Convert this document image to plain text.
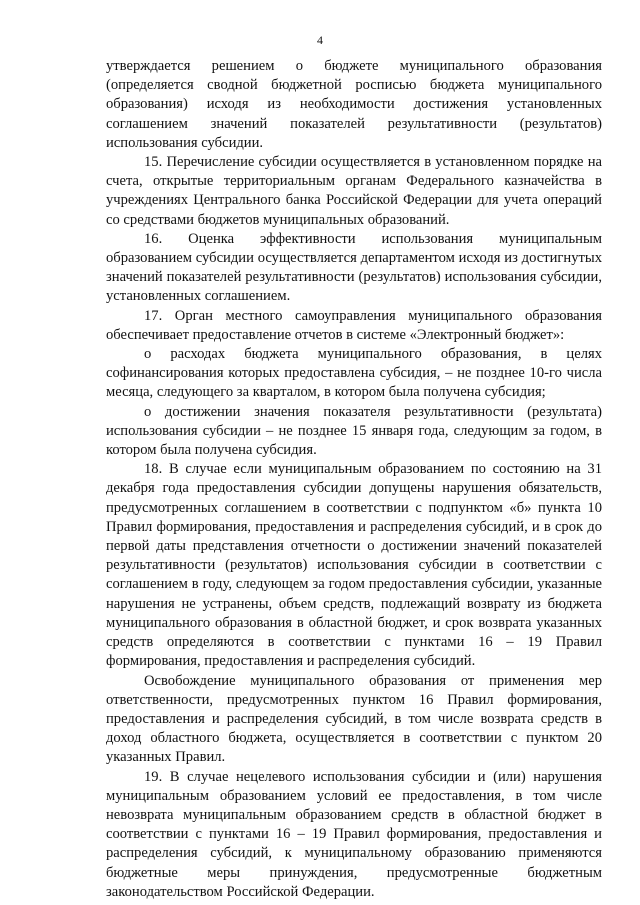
4

утверждается решением о бюджете муниципального образования (определяется сводной бюджетной росписью бюджета муниципального образования) исходя из необходимости достижения установленных соглашением значений показателей результативности (результатов) использования субсидии.

15. Перечисление субсидии осуществляется в установленном порядке на счета, открытые территориальным органам Федерального казначейства в учреждениях Центрального банка Российской Федерации для учета операций со средствами бюджетов муниципальных образований.

16. Оценка эффективности использования муниципальным образованием субсидии осуществляется департаментом исходя из достигнутых значений показателей результативности (результатов) использования субсидии, установленных соглашением.

17. Орган местного самоуправления муниципального образования обеспечивает предоставление отчетов в системе «Электронный бюджет»:

о расходах бюджета муниципального образования, в целях софинансирования которых предоставлена субсидия, – не позднее 10-го числа месяца, следующего за кварталом, в котором была получена субсидия;

о достижении значения показателя результативности (результата) использования субсидии – не позднее 15 января года, следующим за годом, в котором была получена субсидия.

18. В случае если муниципальным образованием по состоянию на 31 декабря года предоставления субсидии допущены нарушения обязательств, предусмотренных соглашением в соответствии с подпунктом «б» пункта 10 Правил формирования, предоставления и распределения субсидий, и в срок до первой даты представления отчетности о достижении значений показателей результативности (результатов) использования субсидии в соответствии с соглашением в году, следующем за годом предоставления субсидии, указанные нарушения не устранены, объем средств, подлежащий возврату из бюджета муниципального образования в областной бюджет, и срок возврата указанных средств определяются в соответствии с пунктами 16 – 19 Правил формирования, предоставления и распределения субсидий.

Освобождение муниципального образования от применения мер ответственности, предусмотренных пунктом 16 Правил формирования, предоставления и распределения субсидий, в том числе возврата средств в доход областного бюджета, осуществляется в соответствии с пунктом 20 указанных Правил.

19. В случае нецелевого использования субсидии и (или) нарушения муниципальным образованием условий ее предоставления, в том числе невозврата муниципальным образованием средств в областной бюджет в соответствии с пунктами 16 – 19 Правил формирования, предоставления и распределения субсидий, к муниципальному образованию применяются бюджетные меры принуждения, предусмотренные бюджетным законодательством Российской Федерации.
